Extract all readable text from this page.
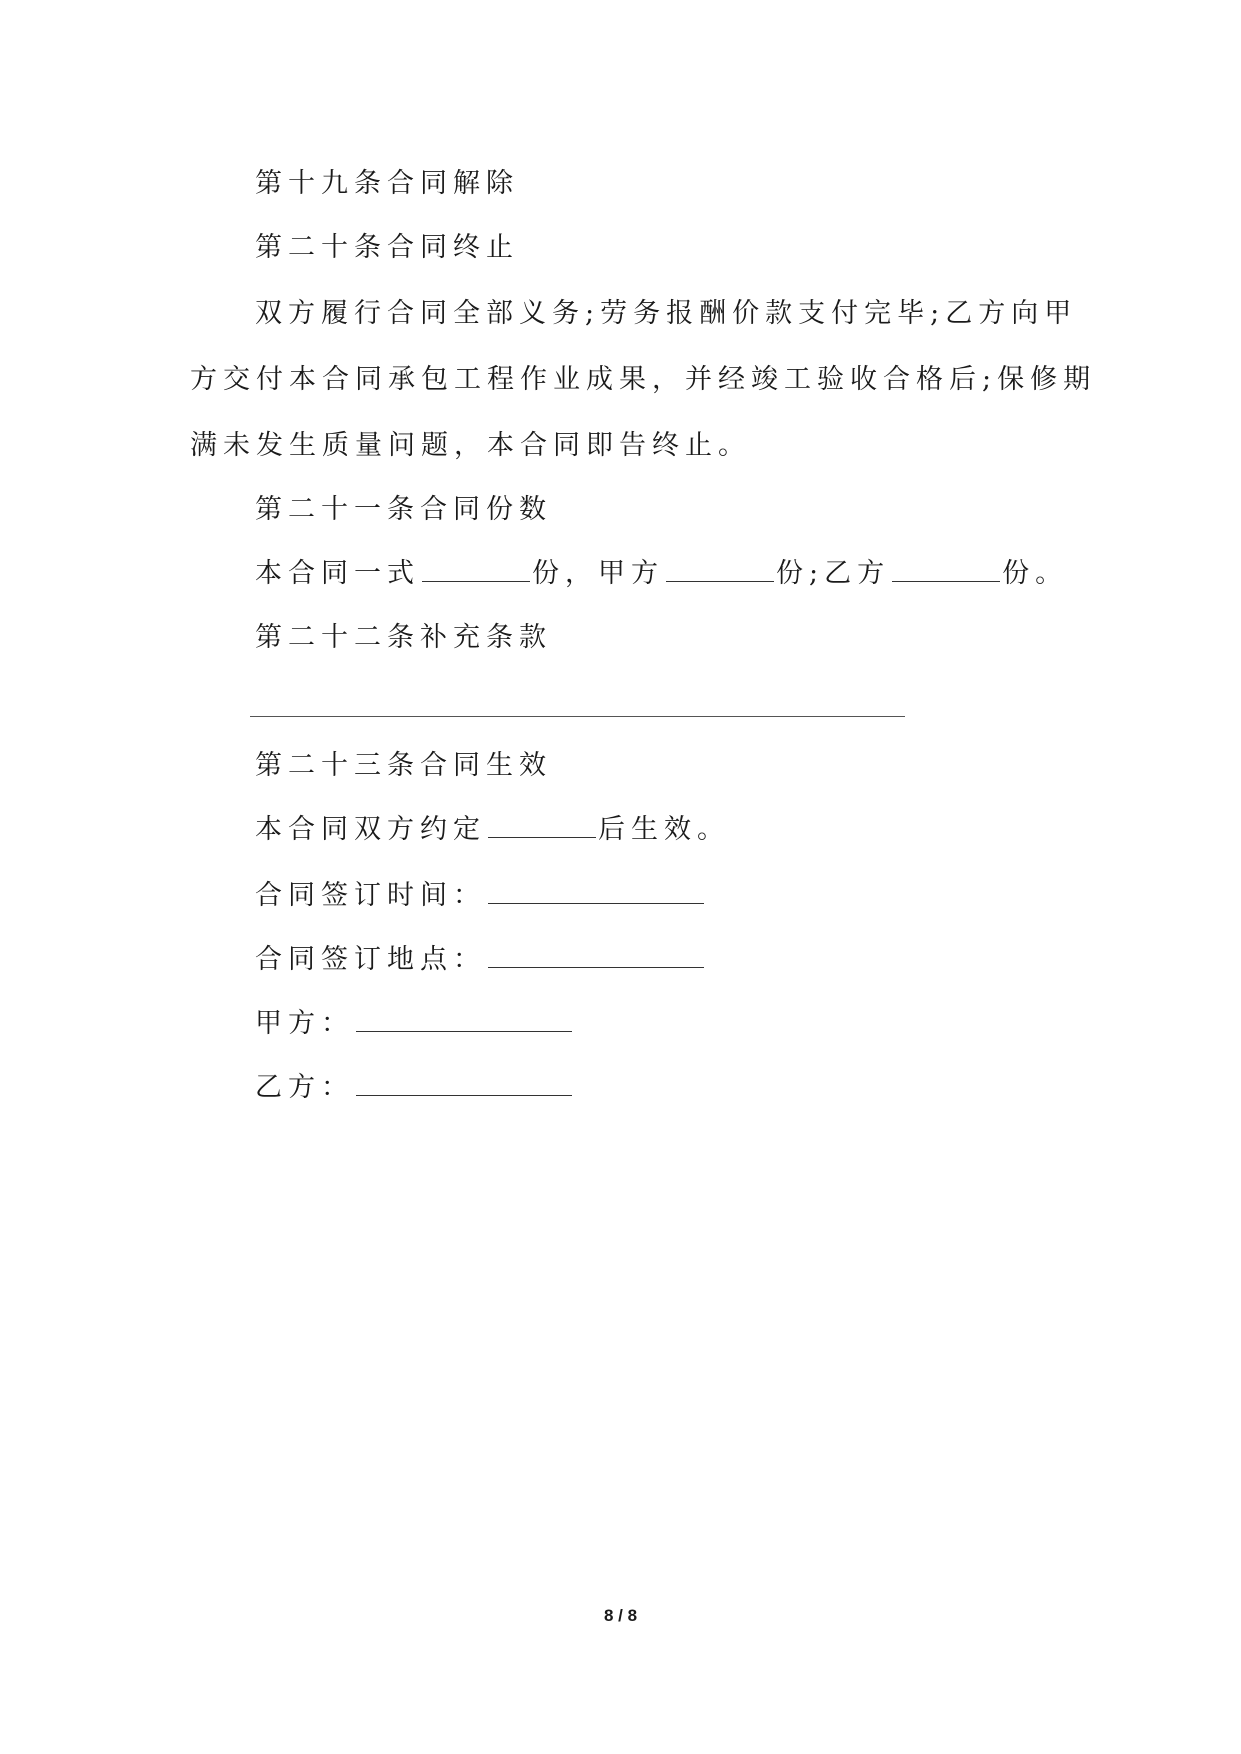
第十九条合同解除
第二十条合同终止
双方履行合同全部义务;劳务报酬价款支付完毕;乙方向甲
方交付本合同承包工程作业成果，并经竣工验收合格后;保修期
满未发生质量问题，本合同即告终止。
第二十一条合同份数
本合同一式	份，甲方	份;乙方	份。
第二十二条补充条款
第二十三条合同生效
本合同双方约定	后生效。
合同签订时间：
合同签订地点：
甲方：
乙方：
8 / 8
